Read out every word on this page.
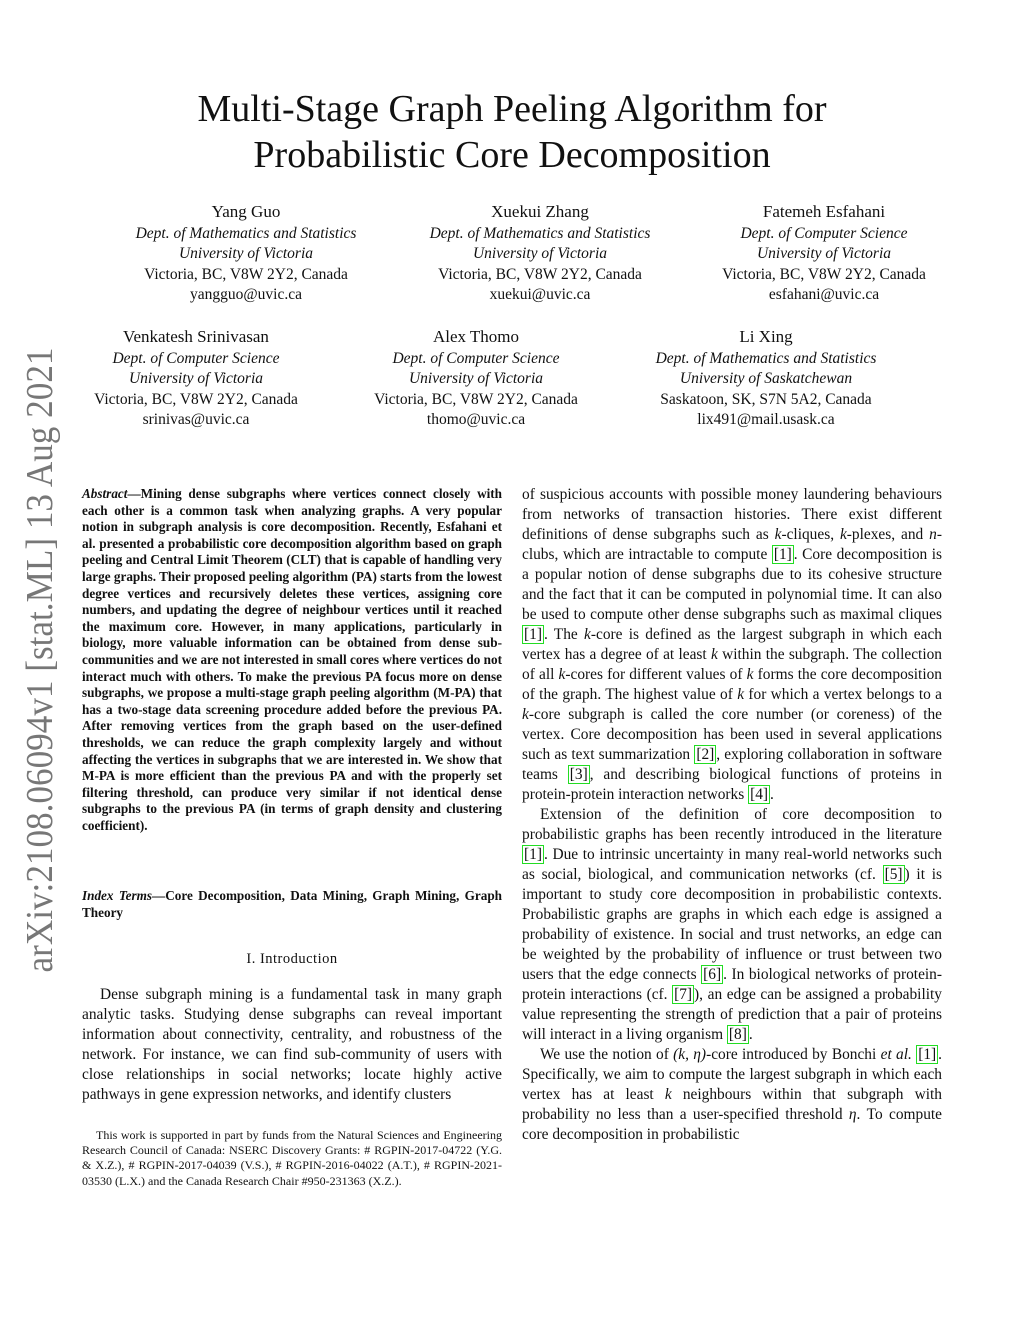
arXiv:2108.06094v1 [stat.ML] 13 Aug 2021
Multi-Stage Graph Peeling Algorithm for
Probabilistic Core Decomposition
Yang Guo
Dept. of Mathematics and Statistics
University of Victoria
Victoria, BC, V8W 2Y2, Canada
yangguo@uvic.ca
Xuekui Zhang
Dept. of Mathematics and Statistics
University of Victoria
Victoria, BC, V8W 2Y2, Canada
xuekui@uvic.ca
Fatemeh Esfahani
Dept. of Computer Science
University of Victoria
Victoria, BC, V8W 2Y2, Canada
esfahani@uvic.ca
Venkatesh Srinivasan
Dept. of Computer Science
University of Victoria
Victoria, BC, V8W 2Y2, Canada
srinivas@uvic.ca
Alex Thomo
Dept. of Computer Science
University of Victoria
Victoria, BC, V8W 2Y2, Canada
thomo@uvic.ca
Li Xing
Dept. of Mathematics and Statistics
University of Saskatchewan
Saskatoon, SK, S7N 5A2, Canada
lix491@mail.usask.ca
Abstract—Mining dense subgraphs where vertices connect closely with each other is a common task when analyzing graphs. A very popular notion in subgraph analysis is core decomposition. Recently, Esfahani et al. presented a probabilistic core decomposition algorithm based on graph peeling and Central Limit Theorem (CLT) that is capable of handling very large graphs. Their proposed peeling algorithm (PA) starts from the lowest degree vertices and recursively deletes these vertices, assigning core numbers, and updating the degree of neighbour vertices until it reached the maximum core. However, in many applications, particularly in biology, more valuable information can be obtained from dense sub-communities and we are not interested in small cores where vertices do not interact much with others. To make the previous PA focus more on dense subgraphs, we propose a multi-stage graph peeling algorithm (M-PA) that has a two-stage data screening procedure added before the previous PA. After removing vertices from the graph based on the user-defined thresholds, we can reduce the graph complexity largely and without affecting the vertices in subgraphs that we are interested in. We show that M-PA is more efficient than the previous PA and with the properly set filtering threshold, can produce very similar if not identical dense subgraphs to the previous PA (in terms of graph density and clustering coefficient).
Index Terms—Core Decomposition, Data Mining, Graph Mining, Graph Theory
I. Introduction
Dense subgraph mining is a fundamental task in many graph analytic tasks. Studying dense subgraphs can reveal important information about connectivity, centrality, and robustness of the network. For instance, we can find sub-community of users with close relationships in social networks; locate highly active pathways in gene expression networks, and identify clusters
This work is supported in part by funds from the Natural Sciences and Engineering Research Council of Canada: NSERC Discovery Grants: # RGPIN-2017-04722 (Y.G. & X.Z.), # RGPIN-2017-04039 (V.S.), # RGPIN-2016-04022 (A.T.), # RGPIN-2021-03530 (L.X.) and the Canada Research Chair #950-231363 (X.Z.).

of suspicious accounts with possible money laundering behaviours from networks of transaction histories. There exist different definitions of dense subgraphs such as k-cliques, k-plexes, and n-clubs, which are intractable to compute [1] . Core decomposition is a popular notion of dense subgraphs due to its cohesive structure and the fact that it can be computed in polynomial time. It can also be used to compute other dense subgraphs such as maximal cliques [1] . The k-core is defined as the largest subgraph in which each vertex has a degree of at least k within the subgraph. The collection of all k-cores for different values of k forms the core decomposition of the graph. The highest value of k for which a vertex belongs to a k-core subgraph is called the core number (or coreness) of the vertex. Core decomposition has been used in several applications such as text summarization [2] , exploring collaboration in software teams [3] , and describing biological functions of proteins in protein-protein interaction networks [4] .

Extension of the definition of core decomposition to probabilistic graphs has been recently introduced in the literature [1] . Due to intrinsic uncertainty in many real-world networks such as social, biological, and communication networks (cf. [5] ) it is important to study core decomposition in probabilistic contexts. Probabilistic graphs are graphs in which each edge is assigned a probability of existence. In social and trust networks, an edge can be weighted by the probability of influence or trust between two users that the edge connects [6] . In biological networks of protein-protein interactions (cf. [7] ), an edge can be assigned a probability value representing the strength of prediction that a pair of proteins will interact in a living organism [8] .

We use the notion of (k, η)-core introduced by Bonchi et al. [1] . Specifically, we aim to compute the largest subgraph in which each vertex has at least k neighbours within that subgraph with probability no less than a user-specified threshold η. To compute core decomposition in probabilistic
